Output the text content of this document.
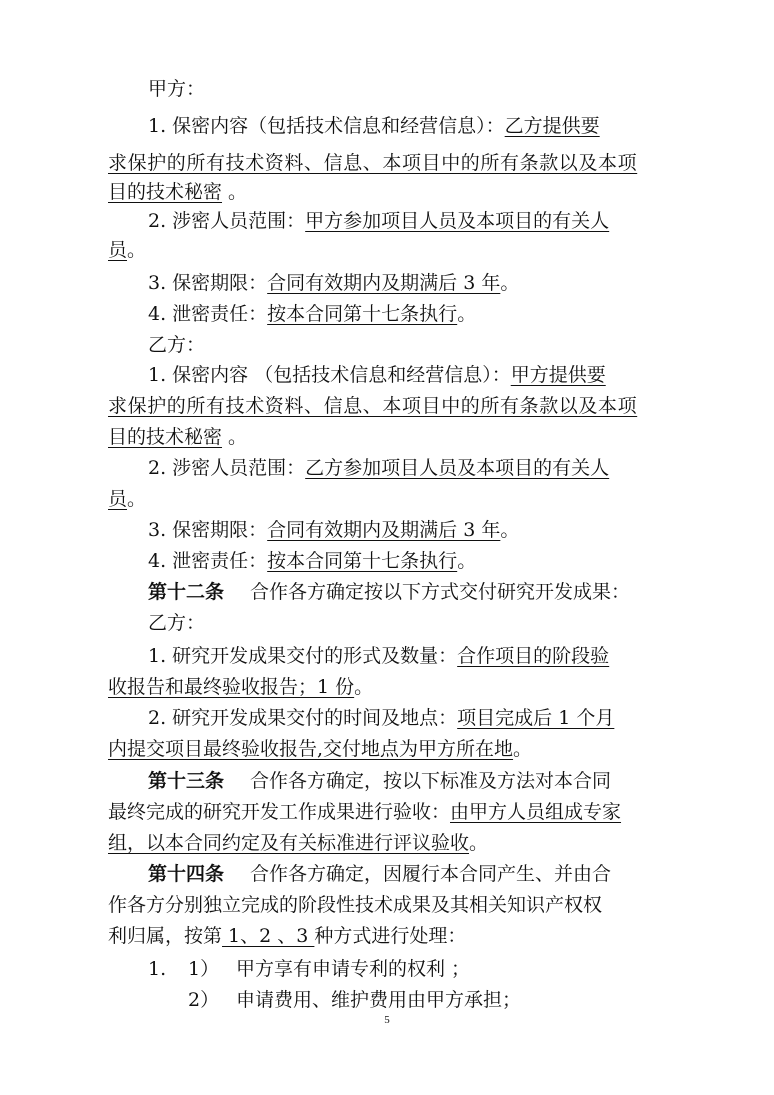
甲方：
1. 保密内容（包括技术信息和经营信息）：乙方提供要
求保护的所有技术资料、信息、本项目中的所有条款以及本项
目的技术秘密 。
2. 涉密人员范围：甲方参加项目人员及本项目的有关人
员。
3. 保密期限：合同有效期内及期满后 3 年。
4. 泄密责任：按本合同第十七条执行。
乙方：
1. 保密内容 （包括技术信息和经营信息）：甲方提供要
求保护的所有技术资料、信息、本项目中的所有条款以及本项
目的技术秘密 。
2. 涉密人员范围：乙方参加项目人员及本项目的有关人
员。
3. 保密期限：合同有效期内及期满后 3 年。
4. 泄密责任：按本合同第十七条执行。
第十二条 合作各方确定按以下方式交付研究开发成果：
乙方：
1. 研究开发成果交付的形式及数量：合作项目的阶段验
收报告和最终验收报告；1 份。
2. 研究开发成果交付的时间及地点：项目完成后 1 个月
内提交项目最终验收报告,交付地点为甲方所在地。
第十三条 合作各方确定，按以下标准及方法对本合同
最终完成的研究开发工作成果进行验收：由甲方人员组成专家
组，以本合同约定及有关标准进行评议验收。
第十四条 合作各方确定，因履行本合同产生、并由合
作各方分别独立完成的阶段性技术成果及其相关知识产权权
利归属，按第 1、2 、3 种方式进行处理：
1. 1） 甲方享有申请专利的权利 ；
2） 申请费用、维护费用由甲方承担；
5
